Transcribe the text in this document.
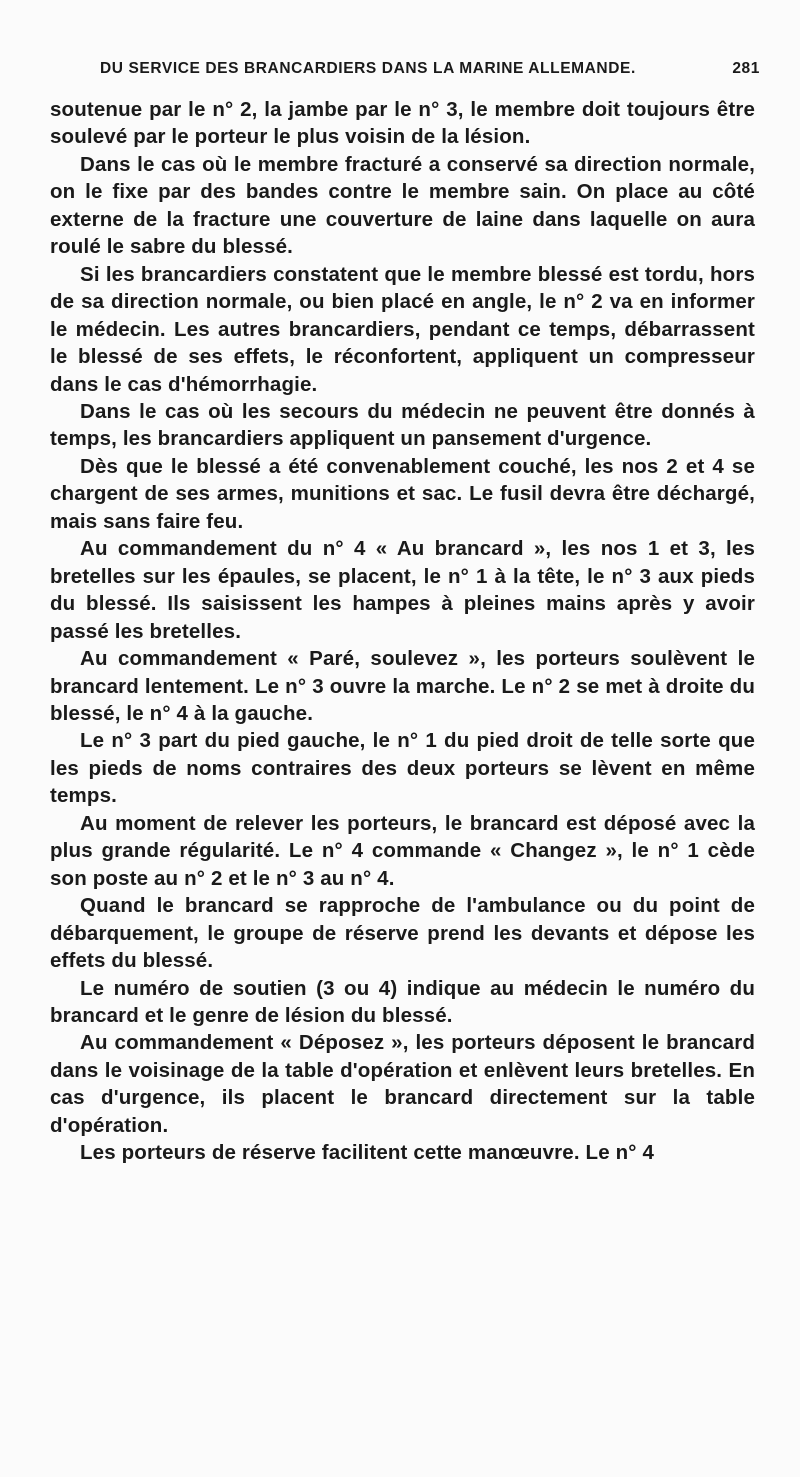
DU SERVICE DES BRANCARDIERS DANS LA MARINE ALLEMANDE.	281

soutenue par le n° 2, la jambe par le n° 3, le membre doit toujours être soulevé par le porteur le plus voisin de la lésion.

Dans le cas où le membre fracturé a conservé sa direction normale, on le fixe par des bandes contre le membre sain. On place au côté externe de la fracture une couverture de laine dans laquelle on aura roulé le sabre du blessé.

Si les brancardiers constatent que le membre blessé est tordu, hors de sa direction normale, ou bien placé en angle, le n° 2 va en informer le médecin. Les autres brancardiers, pendant ce temps, débarrassent le blessé de ses effets, le réconfortent, appliquent un compresseur dans le cas d'hémorrhagie.

Dans le cas où les secours du médecin ne peuvent être donnés à temps, les brancardiers appliquent un pansement d'urgence.

Dès que le blessé a été convenablement couché, les nos 2 et 4 se chargent de ses armes, munitions et sac. Le fusil devra être déchargé, mais sans faire feu.

Au commandement du n° 4 « Au brancard », les nos 1 et 3, les bretelles sur les épaules, se placent, le n° 1 à la tête, le n° 3 aux pieds du blessé. Ils saisissent les hampes à pleines mains après y avoir passé les bretelles.

Au commandement « Paré, soulevez », les porteurs soulèvent le brancard lentement. Le n° 3 ouvre la marche. Le n° 2 se met à droite du blessé, le n° 4 à la gauche.

Le n° 3 part du pied gauche, le n° 1 du pied droit de telle sorte que les pieds de noms contraires des deux porteurs se lèvent en même temps.

Au moment de relever les porteurs, le brancard est déposé avec la plus grande régularité. Le n° 4 commande « Changez », le n° 1 cède son poste au n° 2 et le n° 3 au n° 4.

Quand le brancard se rapproche de l'ambulance ou du point de débarquement, le groupe de réserve prend les devants et dépose les effets du blessé.

Le numéro de soutien (3 ou 4) indique au médecin le numéro du brancard et le genre de lésion du blessé.

Au commandement « Déposez », les porteurs déposent le brancard dans le voisinage de la table d'opération et enlèvent leurs bretelles. En cas d'urgence, ils placent le brancard directement sur la table d'opération.

Les porteurs de réserve facilitent cette manœuvre. Le n° 4
